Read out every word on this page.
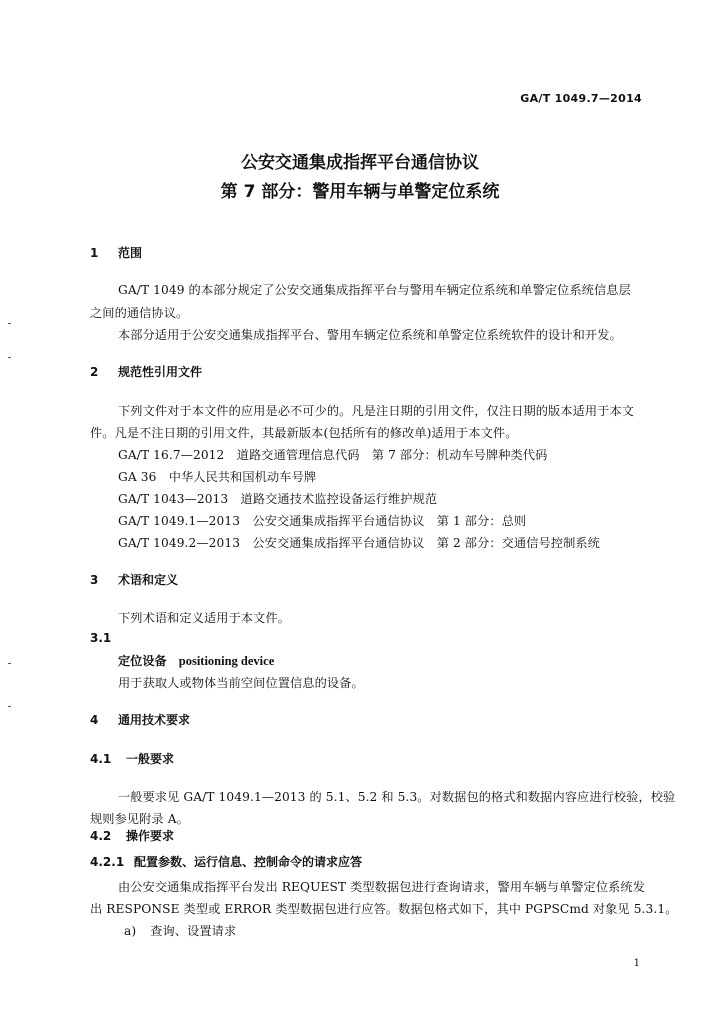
GA/T 1049.7—2014
公安交通集成指挥平台通信协议
第 7 部分：警用车辆与单警定位系统
1 范围
GA/T 1049 的本部分规定了公安交通集成指挥平台与警用车辆定位系统和单警定位系统信息层
之间的通信协议。
本部分适用于公安交通集成指挥平台、警用车辆定位系统和单警定位系统软件的设计和开发。
2 规范性引用文件
下列文件对于本文件的应用是必不可少的。凡是注日期的引用文件，仅注日期的版本适用于本文
件。凡是不注日期的引用文件，其最新版本(包括所有的修改单)适用于本文件。
GA/T 16.7—2012　道路交通管理信息代码　第 7 部分：机动车号牌种类代码
GA 36　中华人民共和国机动车号牌
GA/T 1043—2013　道路交通技术监控设备运行维护规范
GA/T 1049.1—2013　公安交通集成指挥平台通信协议　第 1 部分：总则
GA/T 1049.2—2013　公安交通集成指挥平台通信协议　第 2 部分：交通信号控制系统
3 术语和定义
下列术语和定义适用于本文件。
3.1
定位设备 positioning device
用于获取人或物体当前空间位置信息的设备。
4 通用技术要求
4.1 一般要求
一般要求见 GA/T 1049.1—2013 的 5.1、5.2 和 5.3。对数据包的格式和数据内容应进行校验，校验
规则参见附录 A。
4.2 操作要求
4.2.1 配置参数、运行信息、控制命令的请求应答
由公安交通集成指挥平台发出 REQUEST 类型数据包进行查询请求，警用车辆与单警定位系统发
出 RESPONSE 类型或 ERROR 类型数据包进行应答。数据包格式如下，其中 PGPSCmd 对象见 5.3.1。
a) 查询、设置请求
1
